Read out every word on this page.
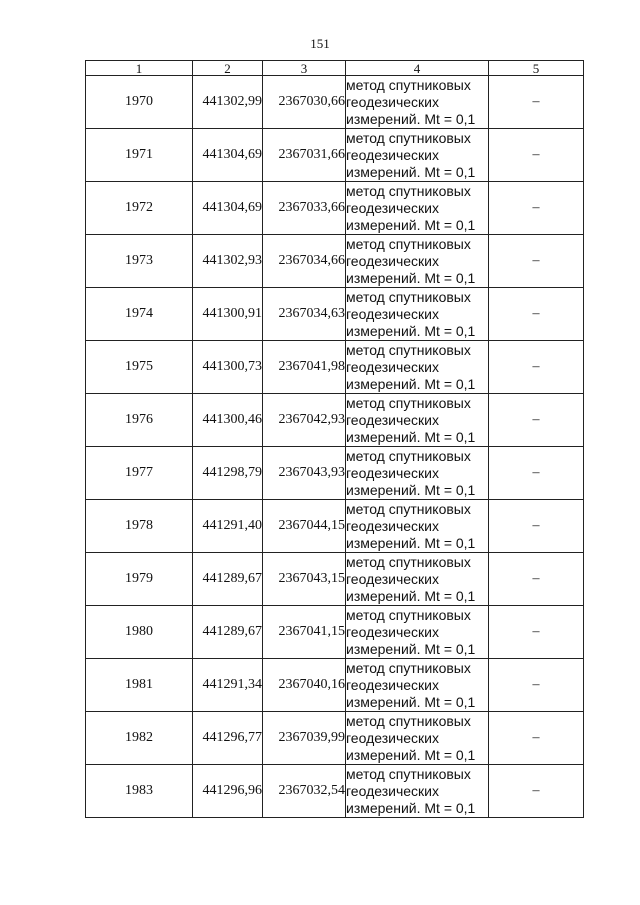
151
1	2	3	4	5
1970	441302,99	2367030,66	метод спутниковых
геодезических
измерений. Mt = 0,1	–
1971	441304,69	2367031,66	метод спутниковых
геодезических
измерений. Mt = 0,1	–
1972	441304,69	2367033,66	метод спутниковых
геодезических
измерений. Mt = 0,1	–
1973	441302,93	2367034,66	метод спутниковых
геодезических
измерений. Mt = 0,1	–
1974	441300,91	2367034,63	метод спутниковых
геодезических
измерений. Mt = 0,1	–
1975	441300,73	2367041,98	метод спутниковых
геодезических
измерений. Mt = 0,1	–
1976	441300,46	2367042,93	метод спутниковых
геодезических
измерений. Mt = 0,1	–
1977	441298,79	2367043,93	метод спутниковых
геодезических
измерений. Mt = 0,1	–
1978	441291,40	2367044,15	метод спутниковых
геодезических
измерений. Mt = 0,1	–
1979	441289,67	2367043,15	метод спутниковых
геодезических
измерений. Mt = 0,1	–
1980	441289,67	2367041,15	метод спутниковых
геодезических
измерений. Mt = 0,1	–
1981	441291,34	2367040,16	метод спутниковых
геодезических
измерений. Mt = 0,1	–
1982	441296,77	2367039,99	метод спутниковых
геодезических
измерений. Mt = 0,1	–
1983	441296,96	2367032,54	метод спутниковых
геодезических
измерений. Mt = 0,1	–
